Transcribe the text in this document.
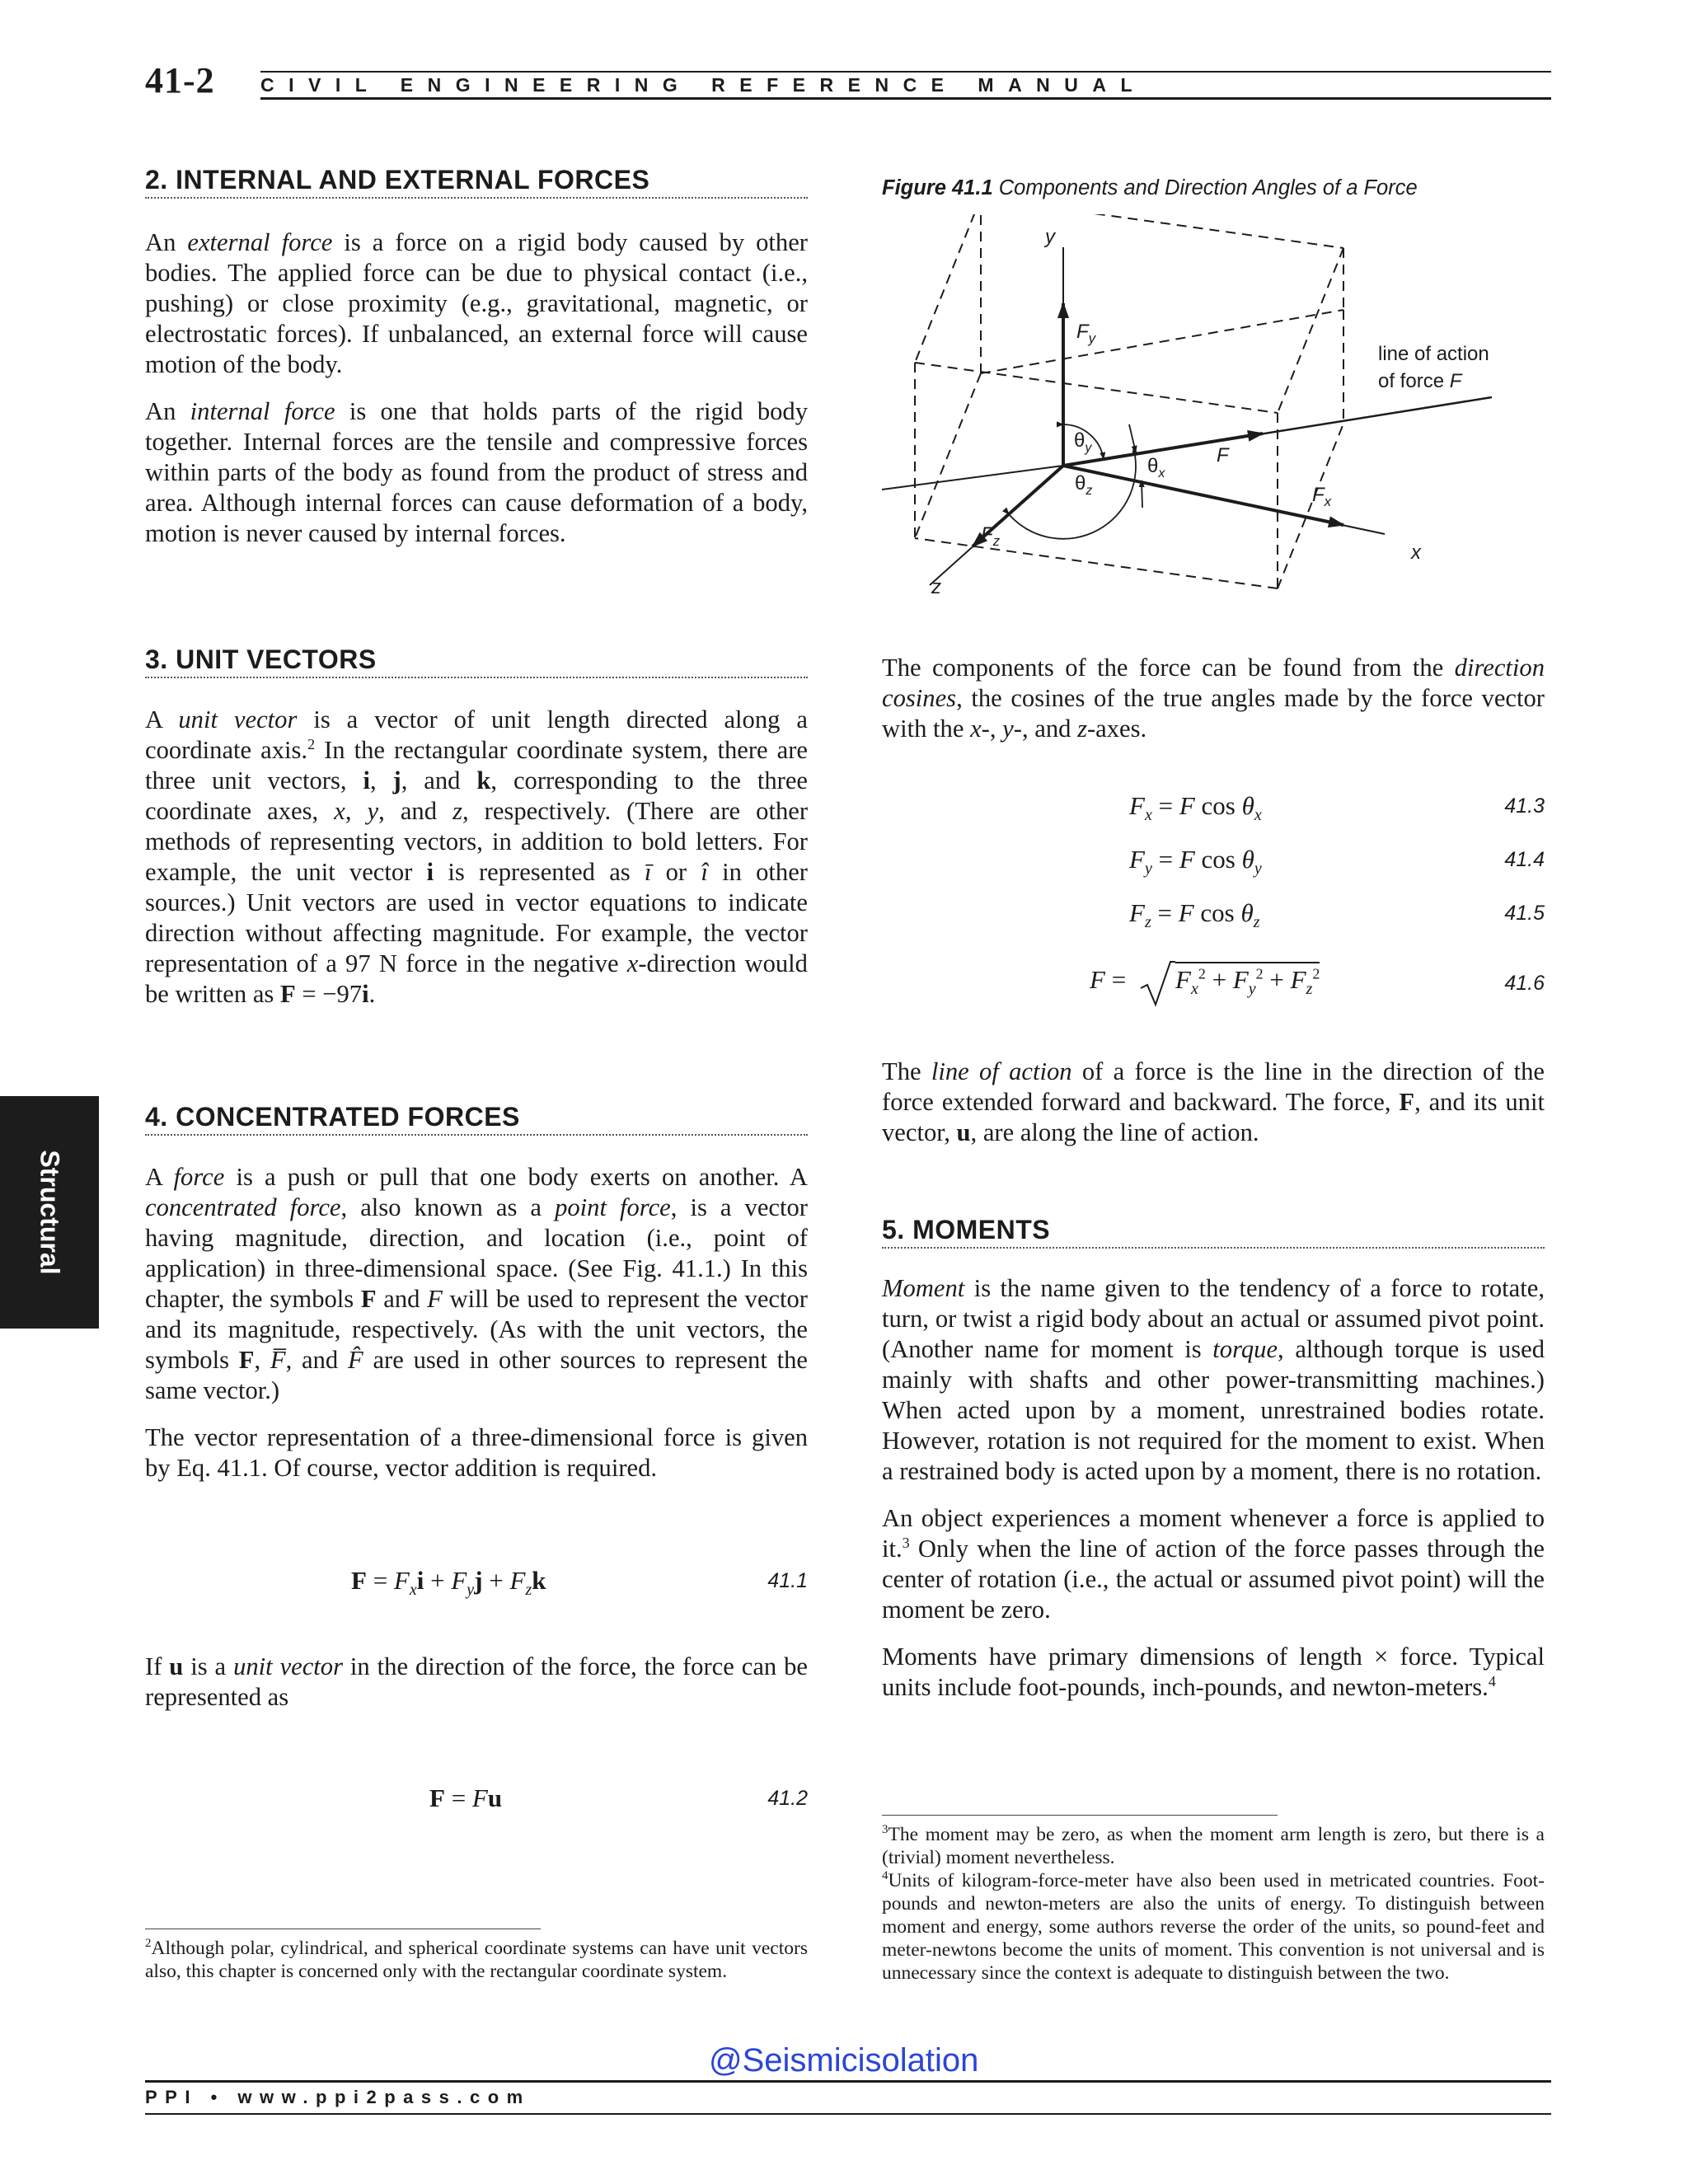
41-2 CIVIL ENGINEERING REFERENCE MANUAL
2. INTERNAL AND EXTERNAL FORCES

An external force is a force on a rigid body caused by other bodies. The applied force can be due to physical contact (i.e., pushing) or close proximity (e.g., gravitational, magnetic, or electrostatic forces). If unbalanced, an external force will cause motion of the body.

An internal force is one that holds parts of the rigid body together. Internal forces are the tensile and compressive forces within parts of the body as found from the product of stress and area. Although internal forces can cause deformation of a body, motion is never caused by internal forces.

3. UNIT VECTORS

A unit vector is a vector of unit length directed along a coordinate axis.$^2$ In the rectangular coordinate system, there are three unit vectors, i, j, and k, corresponding to the three coordinate axes, x, y, and z, respectively. (There are other methods of representing vectors, in addition to bold letters. For example, the unit vector i is represented as ī or î in other sources.) Unit vectors are used in vector equations to indicate direction without affecting magnitude. For example, the vector representation of a 97 N force in the negative x-direction would be written as F = −97i.

4. CONCENTRATED FORCES

A force is a push or pull that one body exerts on another. A concentrated force, also known as a point force, is a vector having magnitude, direction, and location (i.e., point of application) in three-dimensional space. (See Fig. 41.1.) In this chapter, the symbols F and F will be used to represent the vector and its magnitude, respectively. (As with the unit vectors, the symbols F, F̅, and F̂ are used in other sources to represent the same vector.)

The vector representation of a three-dimensional force is given by Eq. 41.1. Of course, vector addition is required.

$F = F_xi + F_yj + F_zk$	41.1

If u is a unit vector in the direction of the force, the force can be represented as

F = Fu	41.2
$^2$Although polar, cylindrical, and spherical coordinate systems can have unit vectors also, this chapter is concerned only with the rectangular coordinate system.
Figure 41.1 Components and Direction Angles of a Force
y
x
z
$F_y$
$F_x$
$F_z$
F
$\theta_y$
$\theta_z$
$\theta_x$
line of action
of force F

The components of the force can be found from the direction cosines, the cosines of the true angles made by the force vector with the x-, y-, and z-axes.

$F_x = F$ $\cos \theta_x$	41.3
$F_y = F$ $\cos \theta_y$	41.4
$F_z = F$ $\cos \theta_z$	41.5
$F = F_x^2 + F_y^2 + F_z^2$	41.6

The line of action of a force is the line in the direction of the force extended forward and backward. The force, F, and its unit vector, u, are along the line of action.

5. MOMENTS

Moment is the name given to the tendency of a force to rotate, turn, or twist a rigid body about an actual or assumed pivot point. (Another name for moment is torque, although torque is used mainly with shafts and other power-transmitting machines.) When acted upon by a moment, unrestrained bodies rotate. However, rotation is not required for the moment to exist. When a restrained body is acted upon by a moment, there is no rotation.

An object experiences a moment whenever a force is applied to it.$^3$ Only when the line of action of the force passes through the center of rotation (i.e., the actual or assumed pivot point) will the moment be zero.

Moments have primary dimensions of length × force. Typical units include foot-pounds, inch-pounds, and newton-meters.$^4$

$^3$The moment may be zero, as when the moment arm length is zero, but there is a (trivial) moment nevertheless.
$^4$Units of kilogram-force-meter have also been used in metricated countries. Foot-pounds and newton-meters are also the units of energy. To distinguish between moment and energy, some authors reverse the order of the units, so pound-feet and meter-newtons become the units of moment. This convention is not universal and is unnecessary since the context is adequate to distinguish between the two.
Structural
@Seismicisolation
PPI • www.ppi2pass.com
